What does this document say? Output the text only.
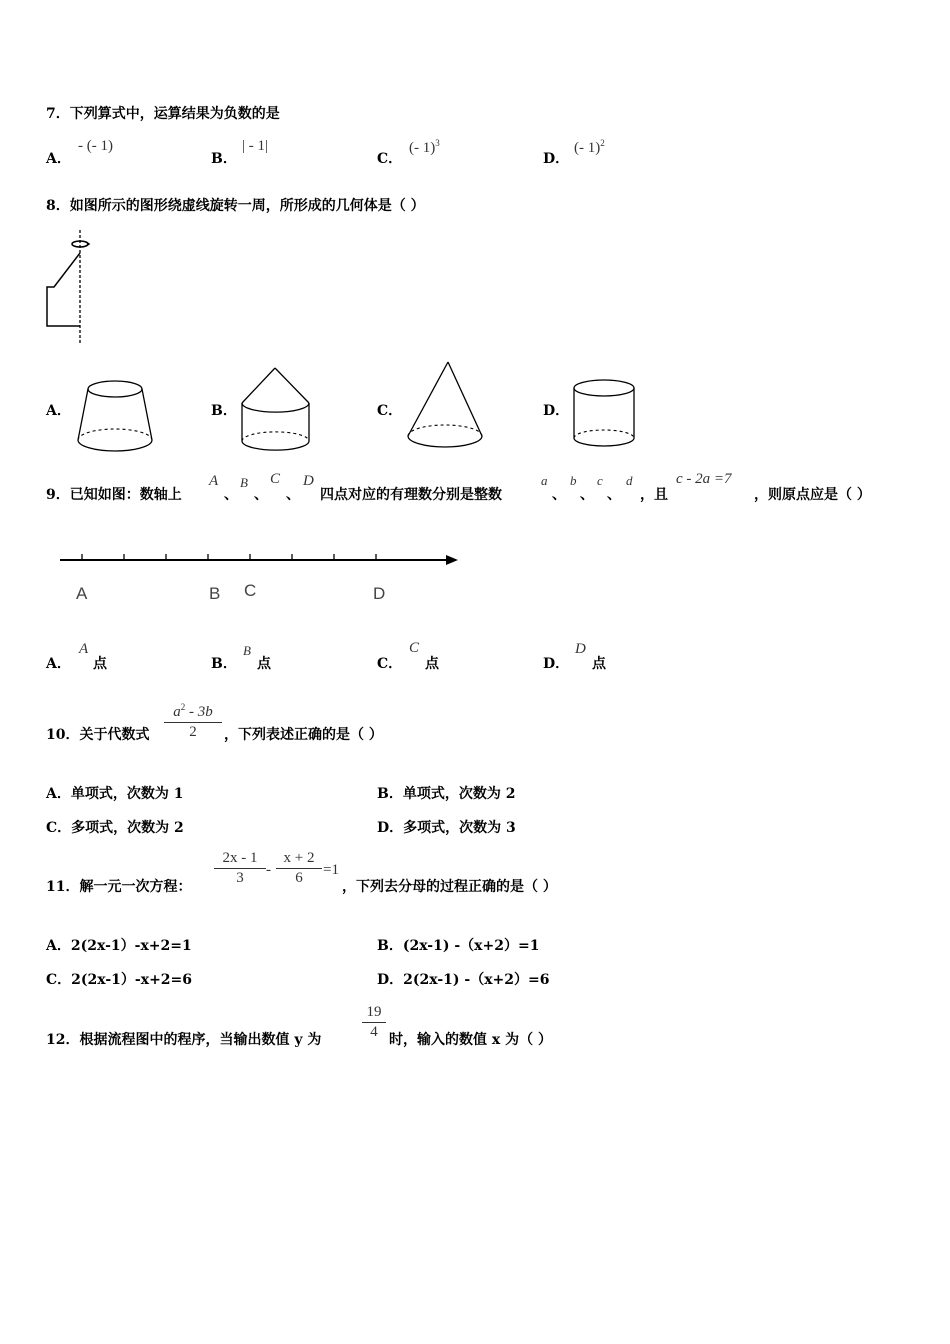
7．下列算式中，运算结果为负数的是
A．
- (- 1)
B．
| - 1|
C．
(- 1)$^3$
D．
(- 1)$^2$
8．如图所示的图形绕虚线旋转一周，所形成的几何体是（ ）
A．	B．	C．	D．
9．已知如图：数轴上
A
、
B
、
C
、
D
四点对应的有理数分别是整数
a
、
b
、
c
、
d
，且
c - 2a =7
，则原点应是（ ）
A	B C	D
A．
A
点	B．
B
点	C．
C
点	D．
D
点
10．关于代数式
$a^2 - 3b$
2	，下列表述正确的是（ ）
A．单项式，次数为 1	B．单项式，次数为 2
C．多项式，次数为 2	D．多项式，次数为 3
11．解一元一次方程：
2x - 1
3	-
x + 2
6	=1
，下列去分母的过程正确的是（ ）
A．2(2x-1）-x+2=1	B．(2x-1) -（x+2）=1
C．2(2x-1）-x+2=6	D．2(2x-1) -（x+2）=6
12．根据流程图中的程序，当输出数值 y 为
19
4 时，输入的数值 x 为（ ）
